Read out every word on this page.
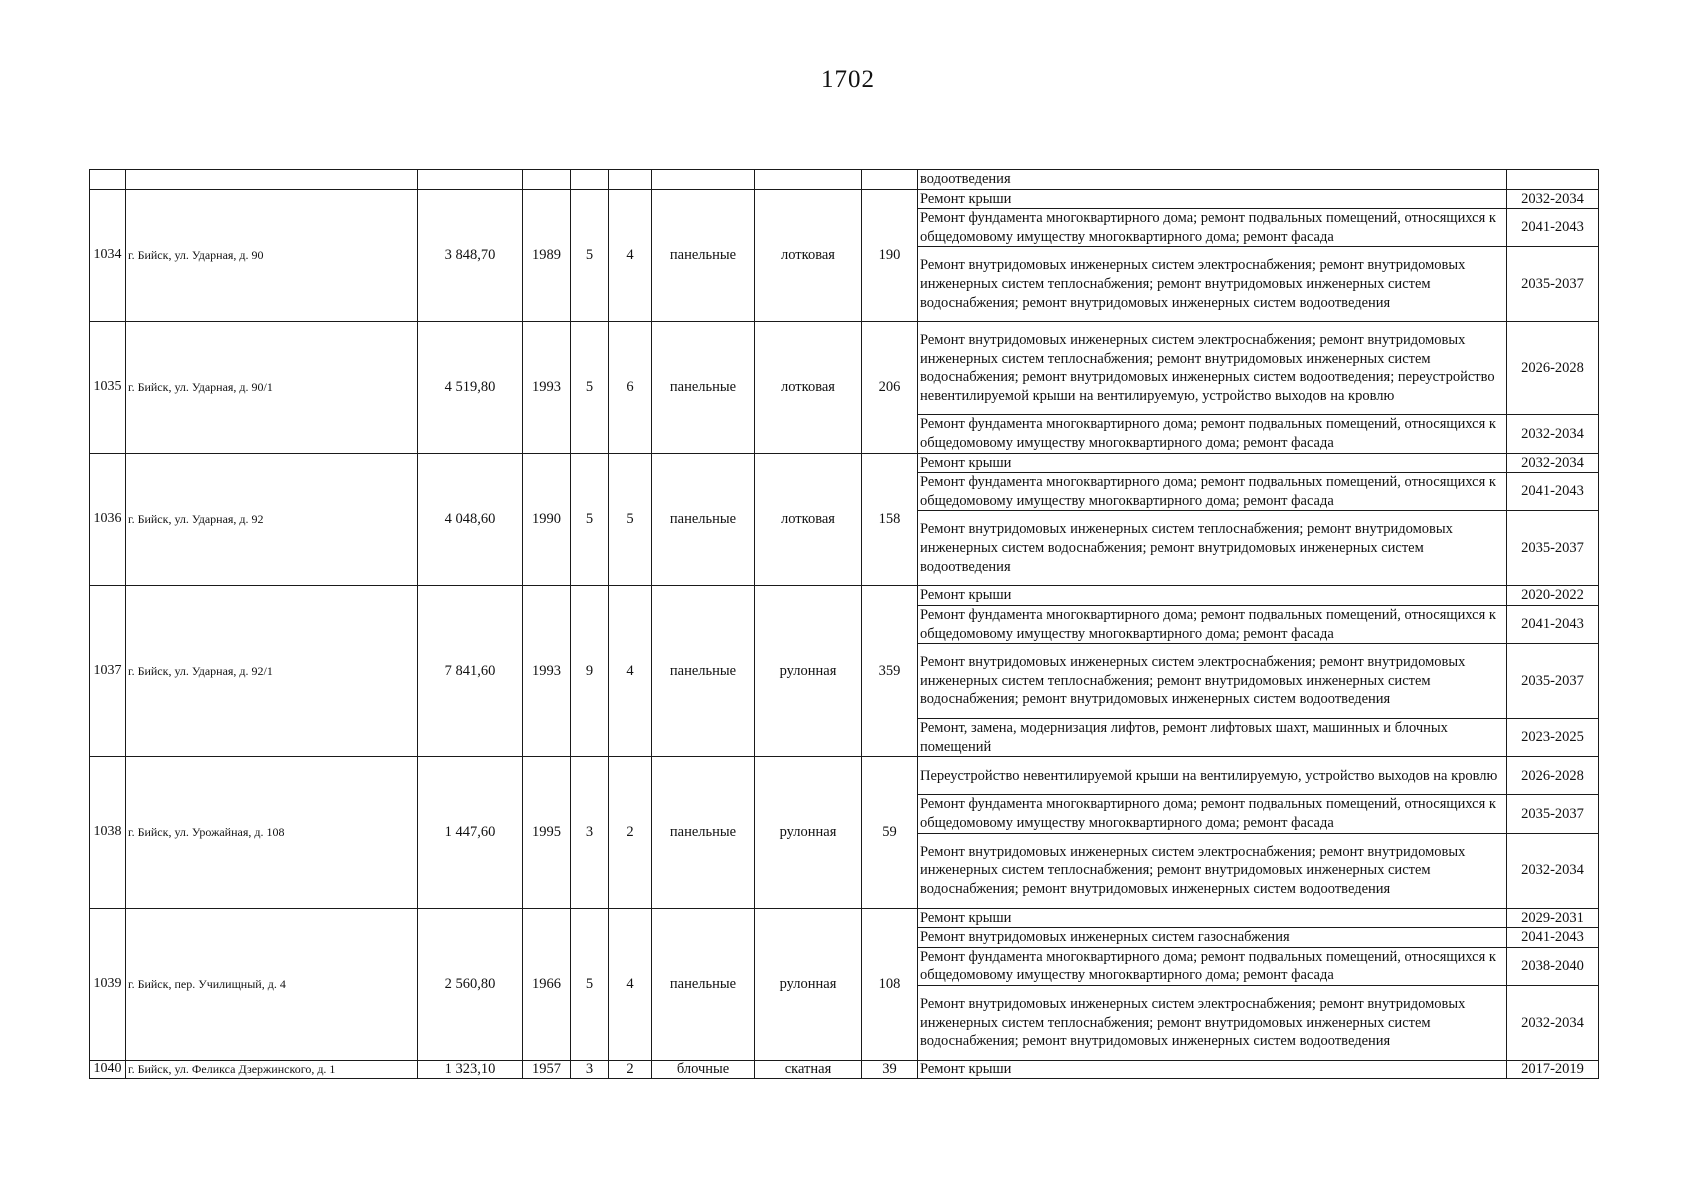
1702
									водоотведения	
1034	г. Бийск, ул. Ударная, д. 90	3 848,70	1989	5	4	панельные	лотковая	190	Ремонт крыши	2032-2034
									Ремонт фундамента многоквартирного дома; ремонт подвальных помещений, относящихся к общедомовому имуществу многоквартирного дома; ремонт фасада	2041-2043
									Ремонт внутридомовых инженерных систем электроснабжения; ремонт внутридомовых инженерных систем теплоснабжения; ремонт внутридомовых инженерных систем водоснабжения; ремонт внутридомовых инженерных систем водоотведения	2035-2037
1035	г. Бийск, ул. Ударная, д. 90/1	4 519,80	1993	5	6	панельные	лотковая	206	Ремонт внутридомовых инженерных систем электроснабжения; ремонт внутридомовых инженерных систем теплоснабжения; ремонт внутридомовых инженерных систем водоснабжения; ремонт внутридомовых инженерных систем водоотведения; переустройство невентилируемой крыши на вентилируемую, устройство выходов на кровлю	2026-2028
									Ремонт фундамента многоквартирного дома; ремонт подвальных помещений, относящихся к общедомовому имуществу многоквартирного дома; ремонт фасада	2032-2034
1036	г. Бийск, ул. Ударная, д. 92	4 048,60	1990	5	5	панельные	лотковая	158	Ремонт крыши	2032-2034
									Ремонт фундамента многоквартирного дома; ремонт подвальных помещений, относящихся к общедомовому имуществу многоквартирного дома; ремонт фасада	2041-2043
									Ремонт внутридомовых инженерных систем теплоснабжения; ремонт внутридомовых инженерных систем водоснабжения; ремонт внутридомовых инженерных систем водоотведения	2035-2037
1037	г. Бийск, ул. Ударная, д. 92/1	7 841,60	1993	9	4	панельные	рулонная	359	Ремонт крыши	2020-2022
									Ремонт фундамента многоквартирного дома; ремонт подвальных помещений, относящихся к общедомовому имуществу многоквартирного дома; ремонт фасада	2041-2043
									Ремонт внутридомовых инженерных систем электроснабжения; ремонт внутридомовых инженерных систем теплоснабжения; ремонт внутридомовых инженерных систем водоснабжения; ремонт внутридомовых инженерных систем водоотведения	2035-2037
									Ремонт, замена, модернизация лифтов, ремонт лифтовых шахт, машинных и блочных помещений	2023-2025
1038	г. Бийск, ул. Урожайная, д. 108	1 447,60	1995	3	2	панельные	рулонная	59	Переустройство невентилируемой крыши на вентилируемую, устройство выходов на кровлю	2026-2028
									Ремонт фундамента многоквартирного дома; ремонт подвальных помещений, относящихся к общедомовому имуществу многоквартирного дома; ремонт фасада	2035-2037
									Ремонт внутридомовых инженерных систем электроснабжения; ремонт внутридомовых инженерных систем теплоснабжения; ремонт внутридомовых инженерных систем водоснабжения; ремонт внутридомовых инженерных систем водоотведения	2032-2034
1039	г. Бийск, пер. Училищный, д. 4	2 560,80	1966	5	4	панельные	рулонная	108	Ремонт крыши	2029-2031
									Ремонт внутридомовых инженерных систем газоснабжения	2041-2043
									Ремонт фундамента многоквартирного дома; ремонт подвальных помещений, относящихся к общедомовому имуществу многоквартирного дома; ремонт фасада	2038-2040
									Ремонт внутридомовых инженерных систем электроснабжения; ремонт внутридомовых инженерных систем теплоснабжения; ремонт внутридомовых инженерных систем водоснабжения; ремонт внутридомовых инженерных систем водоотведения	2032-2034
1040	г. Бийск, ул. Феликса Дзержинского, д. 1	1 323,10	1957	3	2	блочные	скатная	39	Ремонт крыши	2017-2019
